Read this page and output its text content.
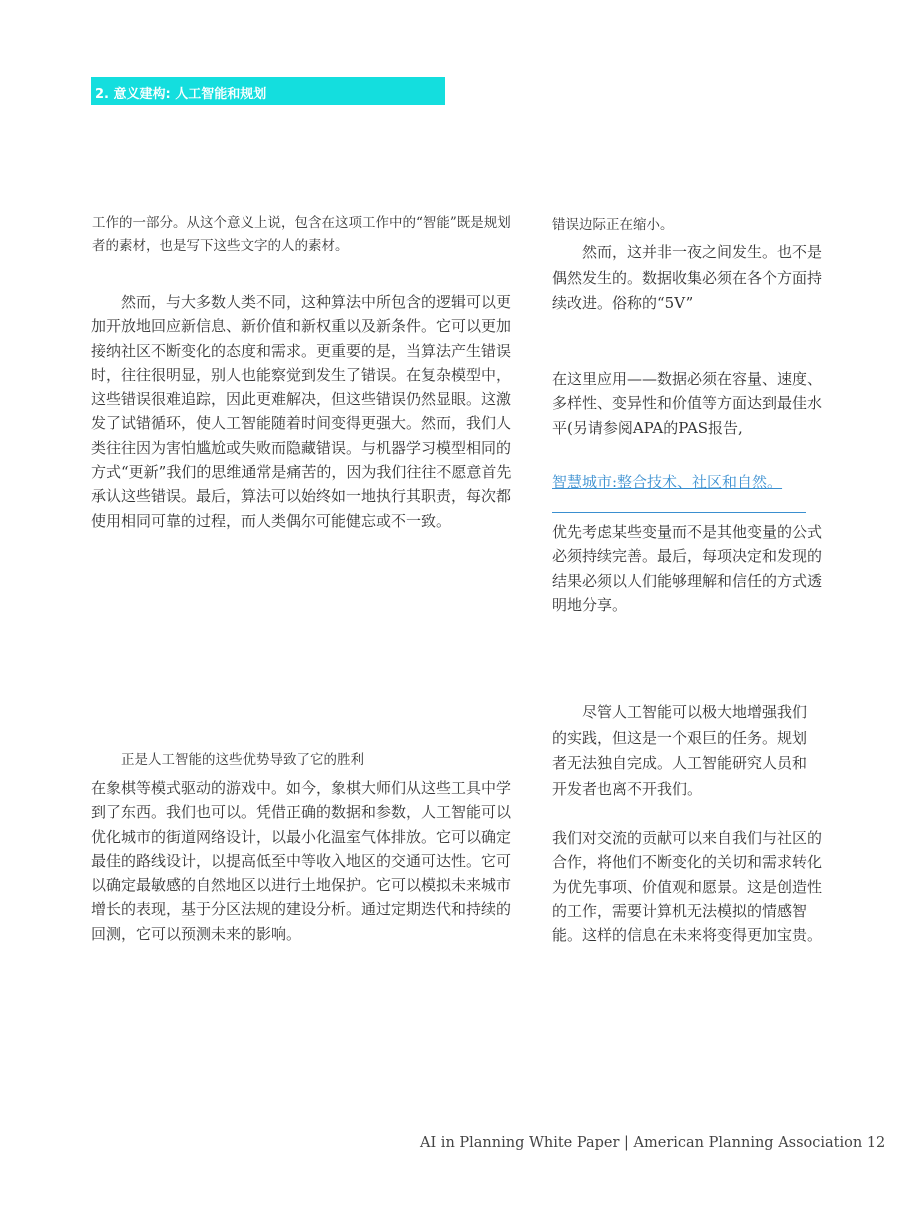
2. 意义建构: 人工智能和规划

工作的一部分。从这个意义上说，包含在这项工作中的“智能”既是规划者的素材，也是写下这些文字的人的素材。

然而，与大多数人类不同，这种算法中所包含的逻辑可以更加开放地回应新信息、新价值和新权重以及新条件。它可以更加接纳社区不断变化的态度和需求。更重要的是，当算法产生错误时，往往很明显，别人也能察觉到发生了错误。在复杂模型中，这些错误很难追踪，因此更难解决，但这些错误仍然显眼。这激发了试错循环，使人工智能随着时间变得更强大。然而，我们人类往往因为害怕尴尬或失败而隐藏错误。与机器学习模型相同的方式“更新”我们的思维通常是痛苦的，因为我们往往不愿意首先承认这些错误。最后，算法可以始终如一地执行其职责，每次都使用相同可靠的过程，而人类偶尔可能健忘或不一致。

正是人工智能的这些优势导致了它的胜利

在象棋等模式驱动的游戏中。如今，象棋大师们从这些工具中学到了东西。我们也可以。凭借正确的数据和参数，人工智能可以优化城市的街道网络设计，以最小化温室气体排放。它可以确定最佳的路线设计，以提高低至中等收入地区的交通可达性。它可以确定最敏感的自然地区以进行土地保护。它可以模拟未来城市增长的表现，基于分区法规的建设分析。通过定期迭代和持续的回测，它可以预测未来的影响。

错误边际正在缩小。

然而，这并非一夜之间发生。也不是偶然发生的。数据收集必须在各个方面持续改进。俗称的“5V”

在这里应用——数据必须在容量、速度、多样性、变异性和价值等方面达到最佳水平(另请参阅APA的PAS报告,

智慧城市:整合技术、社区和自然。

优先考虑某些变量而不是其他变量的公式必须持续完善。最后，每项决定和发现的结果必须以人们能够理解和信任的方式透明地分享。

尽管人工智能可以极大地增强我们的实践，但这是一个艰巨的任务。规划者无法独自完成。人工智能研究人员和开发者也离不开我们。

我们对交流的贡献可以来自我们与社区的合作，将他们不断变化的关切和需求转化为优先事项、价值观和愿景。这是创造性的工作，需要计算机无法模拟的情感智能。这样的信息在未来将变得更加宝贵。

AI in Planning White Paper | American Planning Association 12
